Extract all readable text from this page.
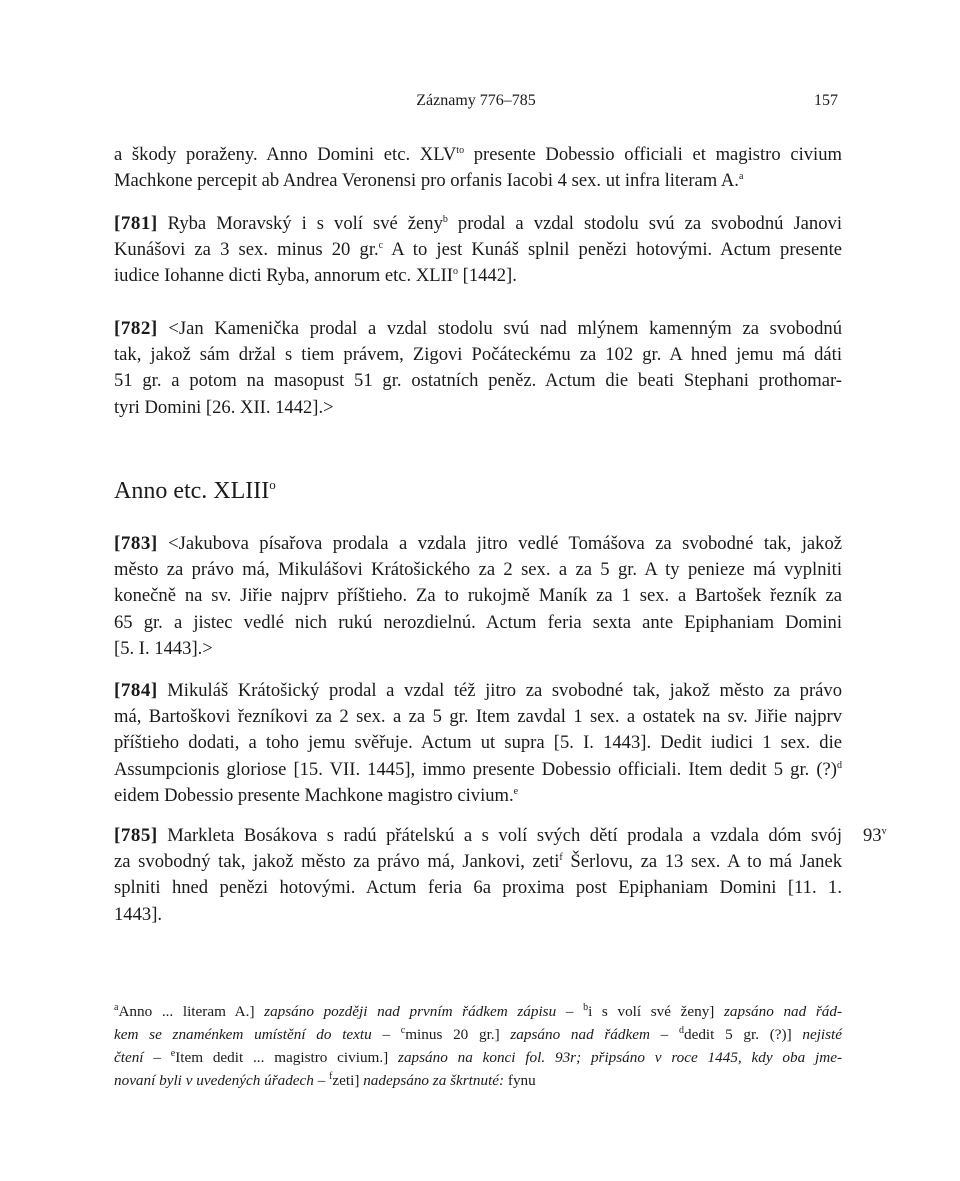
Záznamy 776–785	157
a škody poraženy. Anno Domini etc. $XLV^{to}$ presente Dobessio officiali et magistro civium
Machkone percepit ab Andrea Veronensi pro orfanis Iacobi 4 sex. ut infra literam A.$^a$
[781] Ryba Moravský i s volí své ženy$^b$ prodal a vzdal stodolu svú za svobodnú Janovi
Kunášovi za 3 sex. minus 20 gr.$^c$ A to jest Kunáš splnil penězi hotovými. Actum presente
iudice Iohanne dicti Ryba, annorum etc. XLII$^o$ [1442].
[782] <Jan Kamenička prodal a vzdal stodolu svú nad mlýnem kamenným za svobodnú
tak, jakož sám držal s tiem právem, Zigovi Počáteckému za 102 gr. A hned jemu má dáti
51 gr. a potom na masopust 51 gr. ostatních peněz. Actum die beati Stephani prothomar-
tyri Domini [26. XII. 1442].>
Anno etc. XLIII$^o$
[783] <Jakubova písařova prodala a vzdala jitro vedlé Tomášova za svobodné tak, jakož
město za právo má, Mikulášovi Krátošického za 2 sex. a za 5 gr. A ty penieze má vyplniti
konečně na sv. Jiřie najprv příštieho. Za to rukojmě Maník za 1 sex. a Bartošek řezník za
65 gr. a jistec vedlé nich rukú nerozdielnú. Actum feria sexta ante Epiphaniam Domini
[5. I. 1443].>
[784] Mikuláš Krátošický prodal a vzdal též jitro za svobodné tak, jakož město za právo
má, Bartoškovi řezníkovi za 2 sex. a za 5 gr. Item zavdal 1 sex. a ostatek na sv. Jiřie najprv
příštieho dodati, a toho jemu svěřuje. Actum ut supra [5. I. 1443]. Dedit iudici 1 sex. die
Assumpcionis gloriose [15. VII. 1445], immo presente Dobessio officiali. Item dedit 5 gr. (?)$^d$
eidem Dobessio presente Machkone magistro civium.$^e$
[785] Markleta Bosákova s radú přátelskú a s volí svých dětí prodala a vzdala dóm svój
za svobodný tak, jakož město za právo má, Jankovi, zeti$^f$ Šerlovu, za 13 sex. A to má Janek
splniti hned penězi hotovými. Actum feria 6a proxima post Epiphaniam Domini [11. 1.
1443].
93$^v$
$^a$Anno ... literam A.] zapsáno později nad prvním řádkem zápisu – $^b$i s volí své ženy] zapsáno nad řád-
kem se znaménkem umístění do textu – $^c$minus 20 gr.] zapsáno nad řádkem – $^d$dedit 5 gr. (?)] nejisté
čtení – $^e$Item dedit ... magistro civium.] zapsáno na konci fol. 93r; připsáno v roce 1445, kdy oba jme-
novaní byli v uvedených úřadech – $^f$zeti] nadepsáno za škrtnuté: fynu
